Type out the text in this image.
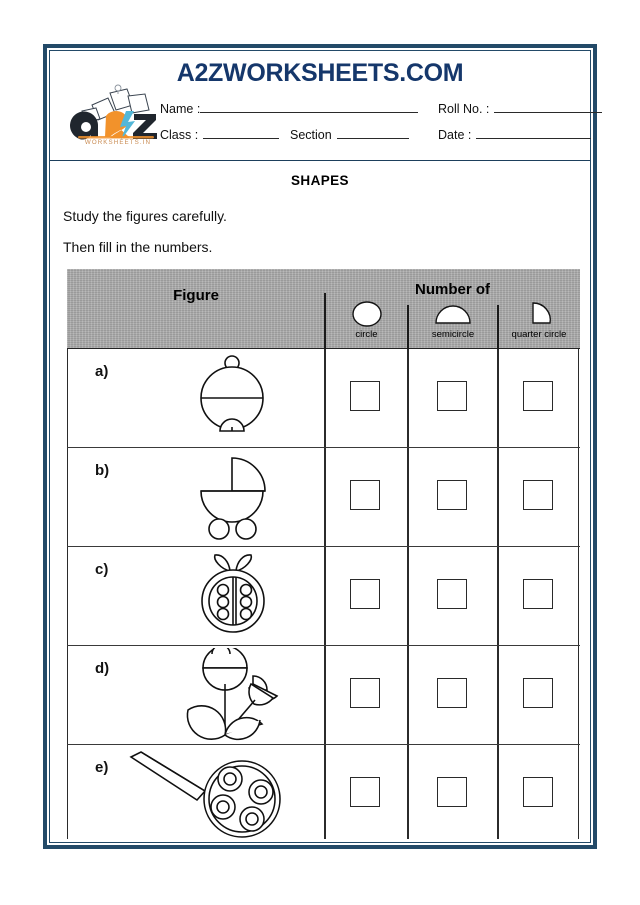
A2ZWORKSHEETS.COM
WORKSHEETS.IN
Name :	Roll No. :
Class :	Section	Date :
SHAPES
Study the figures carefully.
Then fill in the numbers.
Figure	Number of
circle	semicircle	quarter circle
a)
b)
c)
d)
e)
